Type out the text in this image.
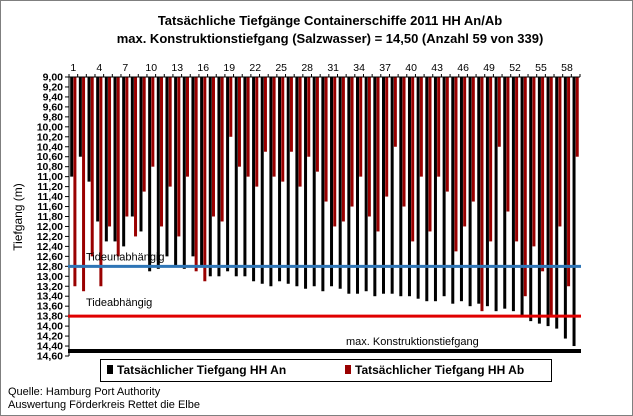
Tatsächliche Tiefgänge Containerschiffe 2011 HH An/Ab
max. Konstruktionstiefgang (Salzwasser) = 14,50 (Anzahl 59 von 339)
9,00
9,20
9,40
9,60
9,80
10,00
10,20
10,40
10,60
10,80
11,00
11,20
11,40
11,60
11,80
12,00
12,20
12,40
12,60
12,80
13,00
13,20
13,40
13,60
13,80
14,00
14,20
14,40
14,60
1 4 7 10 13 16 19 22 25 28 31 34 37 40 43 46 49 52 55 58
Tiefgang (m)
Tideunabhängig
Tideabhängig
max. Konstruktionstiefgang
Tatsächlicher Tiefgang HH An	Tatsächlicher Tiefgang HH Ab
Quelle: Hamburg Port Authority
Auswertung Förderkreis Rettet die Elbe
